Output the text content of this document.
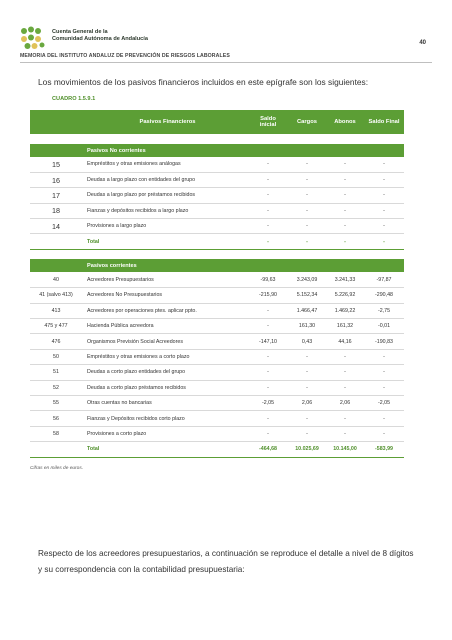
Cuenta General de la
Comunidad Autónoma de Andalucía
40
MEMORIA DEL INSTITUTO ANDALUZ DE PREVENCIÓN DE RIESGOS LABORALES
Los movimientos de los pasivos financieros incluidos en este epígrafe son los siguientes:
CUADRO 1.5.9.1
	Pasivos Financieros	Saldo
inicial	Cargos	Abonos	Saldo Final

	Pasivos No corrientes				
15	Empréstitos y otras emisiones análogas	-	-	-	-
16	Deudas a largo plazo con entidades del grupo	-	-	-	-
17	Deudas a largo plazo por préstamos recibidos	-	-	-	-
18	Fianzas y depósitos recibidos a largo plazo	-	-	-	-
14	Provisiones a largo plazo	-	-	-	-
	Total	-	-	-	-

	Pasivos corrientes				
40	Acreedores Presupuestarios	-99,63	3.243,09	3.241,33	-97,87
41 (salvo 413)	Acreedores No Presupuestarios	-215,90	5.152,34	5.226,92	-290,48
413	Acreedores por operaciones ptes. aplicar ppto.	-	1.466,47	1.469,22	-2,75
475 y 477	Hacienda Pública acreedora	-	161,30	161,32	-0,01
476	Organismos Previsión Social Acreedores	-147,10	0,43	44,16	-190,83
50	Empréstitos y otras emisiones a corto plazo	-	-	-	-
51	Deudas a corto plazo entidades del grupo	-	-	-	-
52	Deudas a corto plazo préstamos recibidos	-	-	-	-
55	Otras cuentas no bancarias	-2,05	2,06	2,06	-2,05
56	Fianzas y Depósitos recibidos corto plazo	-	-	-	-
58	Provisiones a corto plazo	-	-	-	-
	Total	-464,68	10.025,69	10.145,00	-583,99
Cifras en miles de euros.
Respecto de los acreedores presupuestarios, a continuación se reproduce el detalle a nivel de 8 dígitos y su correspondencia con la contabilidad presupuestaria:
